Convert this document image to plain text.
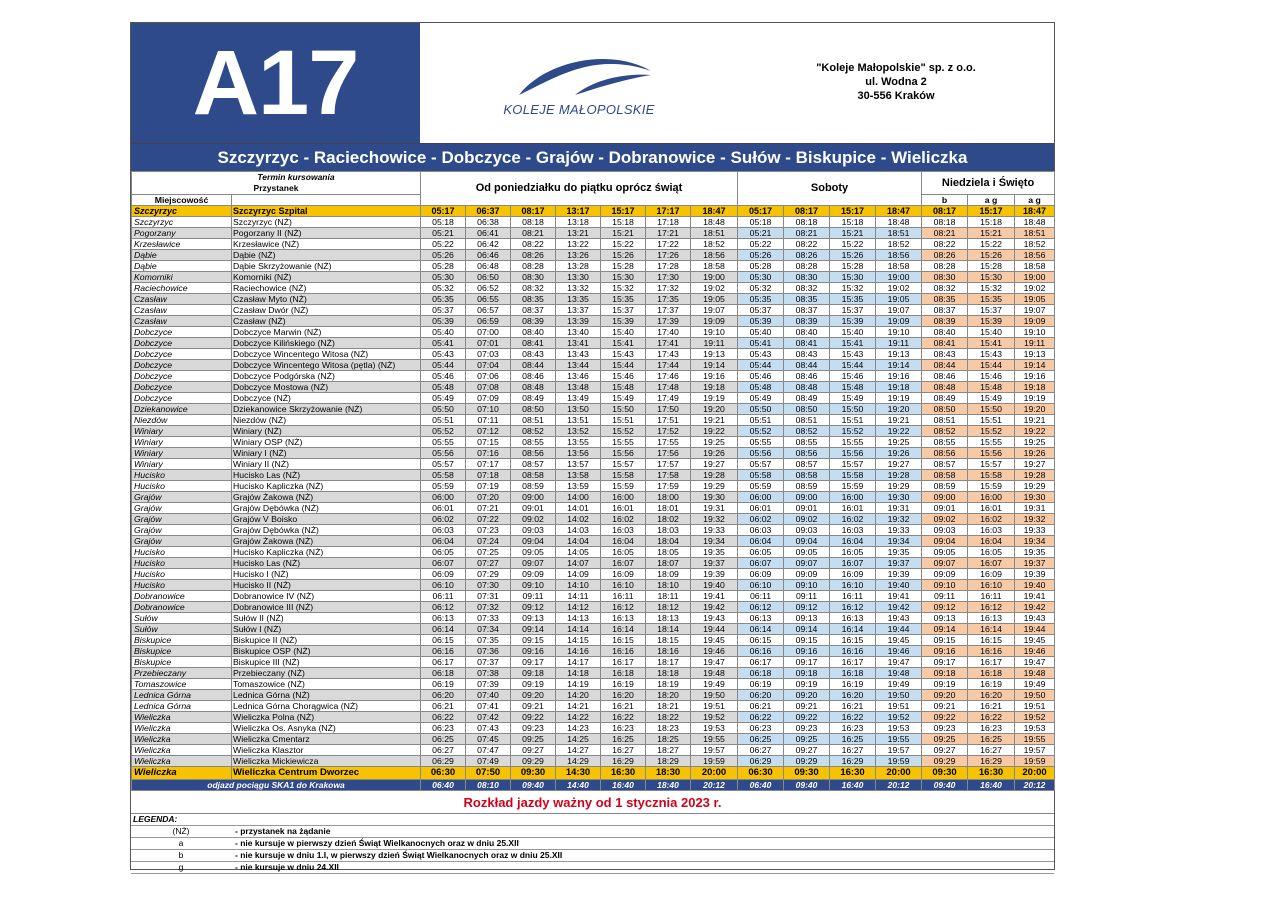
A17	KOLEJE MAŁOPOLSKIE
"Koleje Małopolskie" sp. z o.o.
ul. Wodna 2
30-556 Kraków
Szczyrzyc - Raciechowice - Dobczyce - Grajów - Dobranowice - Sułów - Biskupice - Wieliczka
Termin kursowania
Przystanek		Od poniedziałku do piątku oprócz świąt							Soboty				Niedziela i Święto		
Miejscowość													b	a g	a g
Szczyrzyc	Szczyrzyc Szpital	05:17	06:37	08:17	13:17	15:17	17:17	18:47	05:17	08:17	15:17	18:47	08:17	15:17	18:47
Szczyrzyc	Szczyrzyc (NŻ)	05:18	06:38	08:18	13:18	15:18	17:18	18:48	05:18	08:18	15:18	18:48	08:18	15:18	18:48
Pogorzany	Pogorzany II (NŻ)	05:21	06:41	08:21	13:21	15:21	17:21	18:51	05:21	08:21	15:21	18:51	08:21	15:21	18:51
Krzesławice	Krzesławice (NŻ)	05:22	06:42	08:22	13:22	15:22	17:22	18:52	05:22	08:22	15:22	18:52	08:22	15:22	18:52
Dąbie	Dąbie (NŻ)	05:26	06:46	08:26	13:26	15:26	17:26	18:56	05:26	08:26	15:26	18:56	08:26	15:26	18:56
Dąbie	Dąbie Skrzyżowanie (NŻ)	05:28	06:48	08:28	13:28	15:28	17:28	18:58	05:28	08:28	15:28	18:58	08:28	15:28	18:58
Komorniki	Komorniki (NŻ)	05:30	06:50	08:30	13:30	15:30	17:30	19:00	05:30	08:30	15:30	19:00	08:30	15:30	19:00
Raciechowice	Raciechowice (NŻ)	05:32	06:52	08:32	13:32	15:32	17:32	19:02	05:32	08:32	15:32	19:02	08:32	15:32	19:02
Czasław	Czasław Myto (NŻ)	05:35	06:55	08:35	13:35	15:35	17:35	19:05	05:35	08:35	15:35	19:05	08:35	15:35	19:05
Czasław	Czasław Dwór (NŻ)	05:37	06:57	08:37	13:37	15:37	17:37	19:07	05:37	08:37	15:37	19:07	08:37	15:37	19:07
Czasław	Czasław (NŻ)	05:39	06:59	08:39	13:39	15:39	17:39	19:09	05:39	08:39	15:39	19:09	08:39	15:39	19:09
Dobczyce	Dobczyce Marwin (NŻ)	05:40	07:00	08:40	13:40	15:40	17:40	19:10	05:40	08:40	15:40	19:10	08:40	15:40	19:10
Dobczyce	Dobczyce Kilińskiego (NŻ)	05:41	07:01	08:41	13:41	15:41	17:41	19:11	05:41	08:41	15:41	19:11	08:41	15:41	19:11
Dobczyce	Dobczyce Wincentego Witosa (NŻ)	05:43	07:03	08:43	13:43	15:43	17:43	19:13	05:43	08:43	15:43	19:13	08:43	15:43	19:13
Dobczyce	Dobczyce Wincentego Witosa (pętla) (NŻ)	05:44	07:04	08:44	13:44	15:44	17:44	19:14	05:44	08:44	15:44	19:14	08:44	15:44	19:14
Dobczyce	Dobczyce Podgórska (NŻ)	05:46	07:06	08:46	13:46	15:46	17:46	19:16	05:46	08:46	15:46	19:16	08:46	15:46	19:16
Dobczyce	Dobczyce Mostowa (NŻ)	05:48	07:08	08:48	13:48	15:48	17:48	19:18	05:48	08:48	15:48	19:18	08:48	15:48	19:18
Dobczyce	Dobczyce (NŻ)	05:49	07:09	08:49	13:49	15:49	17:49	19:19	05:49	08:49	15:49	19:19	08:49	15:49	19:19
Dziekanowice	Dziekanowice Skrzyżowanie (NŻ)	05:50	07:10	08:50	13:50	15:50	17:50	19:20	05:50	08:50	15:50	19:20	08:50	15:50	19:20
Niezdów	Niezdów (NŻ)	05:51	07:11	08:51	13:51	15:51	17:51	19:21	05:51	08:51	15:51	19:21	08:51	15:51	19:21
Winiary	Winiary (NŻ)	05:52	07:12	08:52	13:52	15:52	17:52	19:22	05:52	08:52	15:52	19:22	08:52	15:52	19:22
Winiary	Winiary OSP (NŻ)	05:55	07:15	08:55	13:55	15:55	17:55	19:25	05:55	08:55	15:55	19:25	08:55	15:55	19:25
Winiary	Winiary I (NŻ)	05:56	07:16	08:56	13:56	15:56	17:56	19:26	05:56	08:56	15:56	19:26	08:56	15:56	19:26
Winiary	Winiary II (NŻ)	05:57	07:17	08:57	13:57	15:57	17:57	19:27	05:57	08:57	15:57	19:27	08:57	15:57	19:27
Hucisko	Hucisko Las (NŻ)	05:58	07:18	08:58	13:58	15:58	17:58	19:28	05:58	08:58	15:58	19:28	08:58	15:58	19:28
Hucisko	Hucisko Kapliczka (NŻ)	05:59	07:19	08:59	13:59	15:59	17:59	19:29	05:59	08:59	15:59	19:29	08:59	15:59	19:29
Grajów	Grajów Żakowa (NŻ)	06:00	07:20	09:00	14:00	16:00	18:00	19:30	06:00	09:00	16:00	19:30	09:00	16:00	19:30
Grajów	Grajów Dębówka (NŻ)	06:01	07:21	09:01	14:01	16:01	18:01	19:31	06:01	09:01	16:01	19:31	09:01	16:01	19:31
Grajów	Grajów V Boisko	06:02	07:22	09:02	14:02	16:02	18:02	19:32	06:02	09:02	16:02	19:32	09:02	16:02	19:32
Grajów	Grajów Dębówka (NŻ)	06:03	07:23	09:03	14:03	16:03	18:03	19:33	06:03	09:03	16:03	19:33	09:03	16:03	19:33
Grajów	Grajów Żakowa (NŻ)	06:04	07:24	09:04	14:04	16:04	18:04	19:34	06:04	09:04	16:04	19:34	09:04	16:04	19:34
Hucisko	Hucisko Kapliczka (NŻ)	06:05	07:25	09:05	14:05	16:05	18:05	19:35	06:05	09:05	16:05	19:35	09:05	16:05	19:35
Hucisko	Hucisko Las (NŻ)	06:07	07:27	09:07	14:07	16:07	18:07	19:37	06:07	09:07	16:07	19:37	09:07	16:07	19:37
Hucisko	Hucisko I (NŻ)	06:09	07:29	09:09	14:09	16:09	18:09	19:39	06:09	09:09	16:09	19:39	09:09	16:09	19:39
Hucisko	Hucisko II (NŻ)	06:10	07:30	09:10	14:10	16:10	18:10	19:40	06:10	09:10	16:10	19:40	09:10	16:10	19:40
Dobranowice	Dobranowice IV (NŻ)	06:11	07:31	09:11	14:11	16:11	18:11	19:41	06:11	09:11	16:11	19:41	09:11	16:11	19:41
Dobranowice	Dobranowice III (NŻ)	06:12	07:32	09:12	14:12	16:12	18:12	19:42	06:12	09:12	16:12	19:42	09:12	16:12	19:42
Sułów	Sułów II (NŻ)	06:13	07:33	09:13	14:13	16:13	18:13	19:43	06:13	09:13	16:13	19:43	09:13	16:13	19:43
Sułów	Sułów I (NŻ)	06:14	07:34	09:14	14:14	16:14	18:14	19:44	06:14	09:14	16:14	19:44	09:14	16:14	19:44
Biskupice	Biskupice II (NŻ)	06:15	07:35	09:15	14:15	16:15	18:15	19:45	06:15	09:15	16:15	19:45	09:15	16:15	19:45
Biskupice	Biskupice OSP (NŻ)	06:16	07:36	09:16	14:16	16:16	18:16	19:46	06:16	09:16	16:16	19:46	09:16	16:16	19:46
Biskupice	Biskupice III (NŻ)	06:17	07:37	09:17	14:17	16:17	18:17	19:47	06:17	09:17	16:17	19:47	09:17	16:17	19:47
Przebieczany	Przebieczany (NŻ)	06:18	07:38	09:18	14:18	16:18	18:18	19:48	06:18	09:18	16:18	19:48	09:18	16:18	19:48
Tomaszowice	Tomaszowice (NŻ)	06:19	07:39	09:19	14:19	16:19	18:19	19:49	06:19	09:19	16:19	19:49	09:19	16:19	19:49
Lednica Górna	Lednica Górna (NŻ)	06:20	07:40	09:20	14:20	16:20	18:20	19:50	06:20	09:20	16:20	19:50	09:20	16:20	19:50
Lednica Górna	Lednica Górna Chorągwica (NŻ)	06:21	07:41	09:21	14:21	16:21	18:21	19:51	06:21	09:21	16:21	19:51	09:21	16:21	19:51
Wieliczka	Wieliczka Polna (NŻ)	06:22	07:42	09:22	14:22	16:22	18:22	19:52	06:22	09:22	16:22	19:52	09:22	16:22	19:52
Wieliczka	Wieliczka Os. Asnyka (NŻ)	06:23	07:43	09:23	14:23	16:23	18:23	19:53	06:23	09:23	16:23	19:53	09:23	16:23	19:53
Wieliczka	Wieliczka Cmentarz	06:25	07:45	09:25	14:25	16:25	18:25	19:55	06:25	09:25	16:25	19:55	09:25	16:25	19:55
Wieliczka	Wieliczka Klasztor	06:27	07:47	09:27	14:27	16:27	18:27	19:57	06:27	09:27	16:27	19:57	09:27	16:27	19:57
Wieliczka	Wieliczka Mickiewicza	06:29	07:49	09:29	14:29	16:29	18:29	19:59	06:29	09:29	16:29	19:59	09:29	16:29	19:59
Wieliczka	Wieliczka Centrum Dworzec	06:30	07:50	09:30	14:30	16:30	18:30	20:00	06:30	09:30	16:30	20:00	09:30	16:30	20:00
odjazd pociągu SKA1 do Krakowa		06:40	08:10	09:40	14:40	16:40	18:40	20:12	06:40	09:40	16:40	20:12	09:40	16:40	20:12
Rozkład jazdy ważny od 1 stycznia 2023 r.
LEGENDA:
(NŻ)	- przystanek na żądanie
a	- nie kursuje w pierwszy dzień Świąt Wielkanocnych oraz w dniu 25.XII
b	- nie kursuje w dniu 1.I, w pierwszy dzień Świąt Wielkanocnych oraz w dniu 25.XII
g	- nie kursuje w dniu 24.XII
